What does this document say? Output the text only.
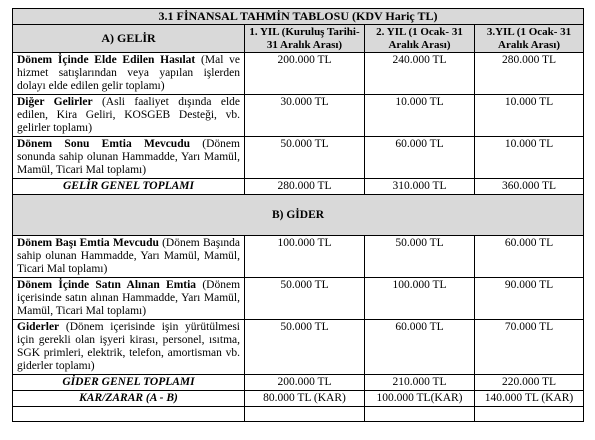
3.1 FİNANSAL TAHMİN TABLOSU (KDV Hariç TL)			
A) GELİR	1. YIL (Kuruluş Tarihi- 31 Aralık Arası)	2. YIL (1 Ocak- 31 Aralık Arası)	3.YIL (1 Ocak- 31 Aralık Arası)
Dönem İçinde Elde Edilen Hasılat (Mal ve hizmet satışlarından veya yapılan işlerden dolayı elde edilen gelir toplamı)	200.000 TL	240.000 TL	280.000 TL
Diğer Gelirler (Asli faaliyet dışında elde edilen, Kira Geliri, KOSGEB Desteği, vb. gelirler toplamı)	30.000 TL	10.000 TL	10.000 TL
Dönem Sonu Emtia Mevcudu (Dönem sonunda sahip olunan Hammadde, Yarı Mamül, Mamül, Ticari Mal toplamı)	50.000 TL	60.000 TL	10.000 TL
GELİR GENEL TOPLAMI	280.000 TL	310.000 TL	360.000 TL
B) GİDER			
Dönem Başı Emtia Mevcudu (Dönem Başında sahip olunan Hammadde, Yarı Mamül, Mamül, Ticari Mal toplamı)	100.000 TL	50.000 TL	60.000 TL
Dönem İçinde Satın Alınan Emtia (Dönem içerisinde satın alınan Hammadde, Yarı Mamül, Mamül, Ticari Mal toplamı)	50.000 TL	100.000 TL	90.000 TL
Giderler (Dönem içerisinde işin yürütülmesi için gerekli olan işyeri kirası, personel, ısıtma, SGK primleri, elektrik, telefon, amortisman vb. giderler toplamı)	50.000 TL	60.000 TL	70.000 TL
GİDER GENEL TOPLAMI	200.000 TL	210.000 TL	220.000 TL
KAR/ZARAR (A - B)	80.000 TL (KAR)	100.000 TL(KAR)	140.000 TL (KAR)
